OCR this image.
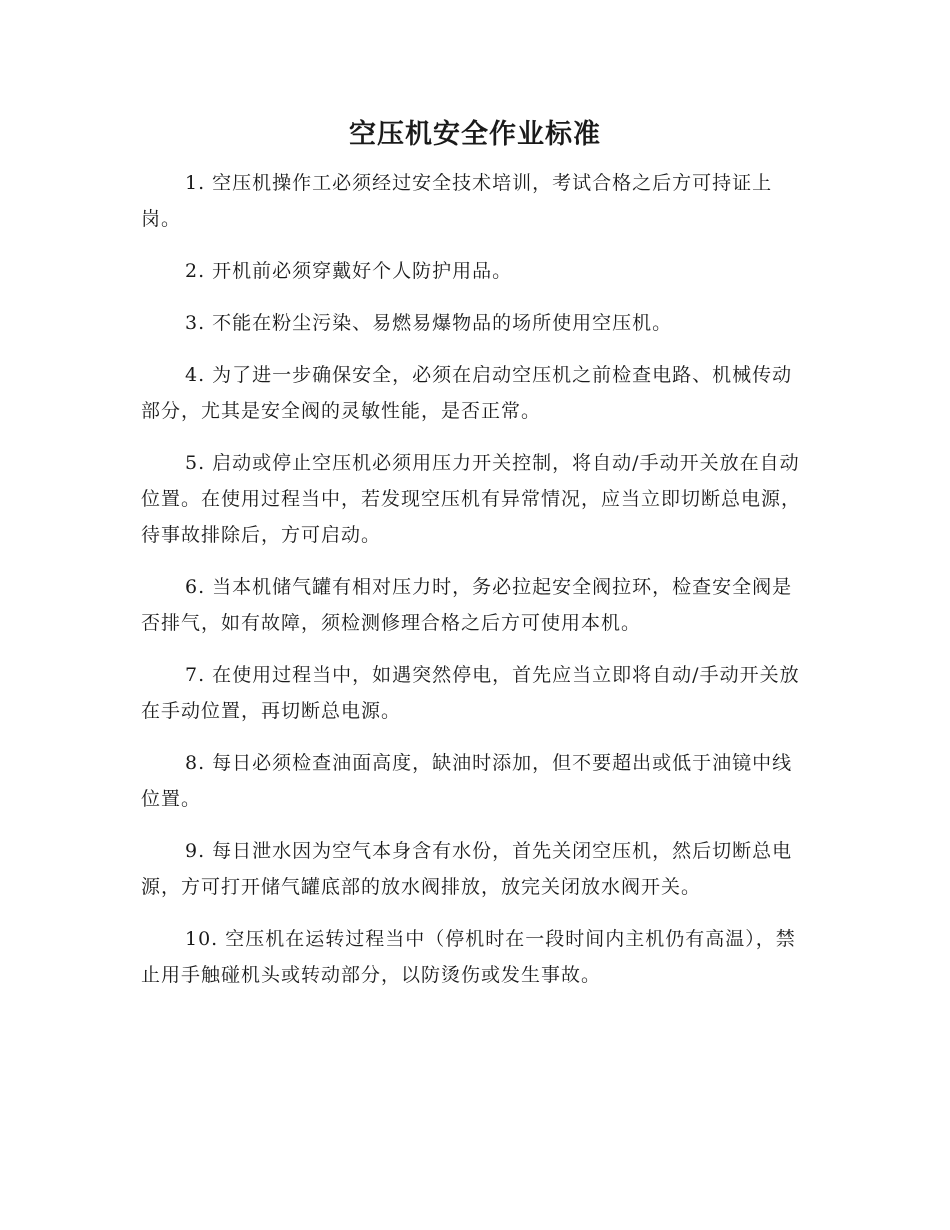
空压机安全作业标准

1. 空压机操作工必须经过安全技术培训，考试合格之后方可持证上岗。

2. 开机前必须穿戴好个人防护用品。

3. 不能在粉尘污染、易燃易爆物品的场所使用空压机。

4. 为了进一步确保安全，必须在启动空压机之前检查电路、机械传动部分，尤其是安全阀的灵敏性能，是否正常。

5. 启动或停止空压机必须用压力开关控制，将自动/手动开关放在自动位置。在使用过程当中，若发现空压机有异常情况，应当立即切断总电源，待事故排除后，方可启动。

6. 当本机储气罐有相对压力时，务必拉起安全阀拉环，检查安全阀是否排气，如有故障，须检测修理合格之后方可使用本机。

7. 在使用过程当中，如遇突然停电，首先应当立即将自动/手动开关放在手动位置，再切断总电源。

8. 每日必须检查油面高度，缺油时添加，但不要超出或低于油镜中线位置。

9. 每日泄水因为空气本身含有水份，首先关闭空压机，然后切断总电源，方可打开储气罐底部的放水阀排放，放完关闭放水阀开关。

10. 空压机在运转过程当中（停机时在一段时间内主机仍有高温），禁止用手触碰机头或转动部分，以防烫伤或发生事故。
